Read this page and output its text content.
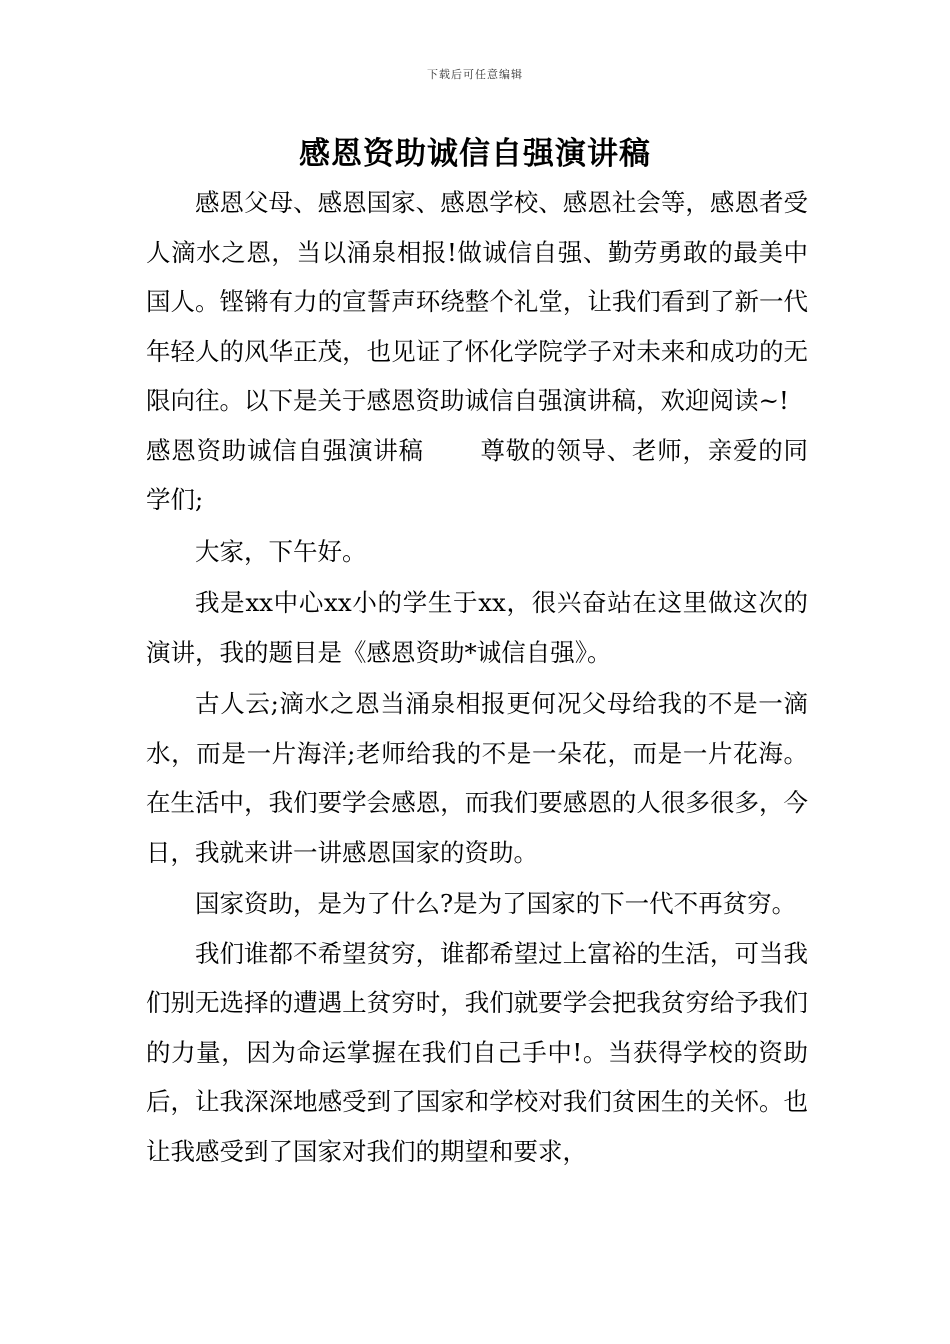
下载后可任意编辑
感恩资助诚信自强演讲稿

感恩父母、感恩国家、感恩学校、感恩社会等，感恩者受人滴水之恩，当以涌泉相报!做诚信自强、勤劳勇敢的最美中国人。铿锵有力的宣誓声环绕整个礼堂，让我们看到了新一代年轻人的风华正茂，也见证了怀化学院学子对未来和成功的无限向往。以下是关于感恩资助诚信自强演讲稿，欢迎阅读~!

感恩资助诚信自强演讲稿 尊敬的领导、老师，亲爱的同学们;

大家，下午好。

我是xx中心xx小的学生于xx，很兴奋站在这里做这次的演讲，我的题目是《感恩资助*诚信自强》。

古人云;滴水之恩当涌泉相报更何况父母给我的不是一滴水，而是一片海洋;老师给我的不是一朵花，而是一片花海。在生活中，我们要学会感恩，而我们要感恩的人很多很多，今日，我就来讲一讲感恩国家的资助。

国家资助，是为了什么?是为了国家的下一代不再贫穷。

我们谁都不希望贫穷，谁都希望过上富裕的生活，可当我们别无选择的遭遇上贫穷时，我们就要学会把我贫穷给予我们的力量，因为命运掌握在我们自己手中!。当获得学校的资助后，让我深深地感受到了国家和学校对我们贫困生的关怀。也让我感受到了国家对我们的期望和要求，
